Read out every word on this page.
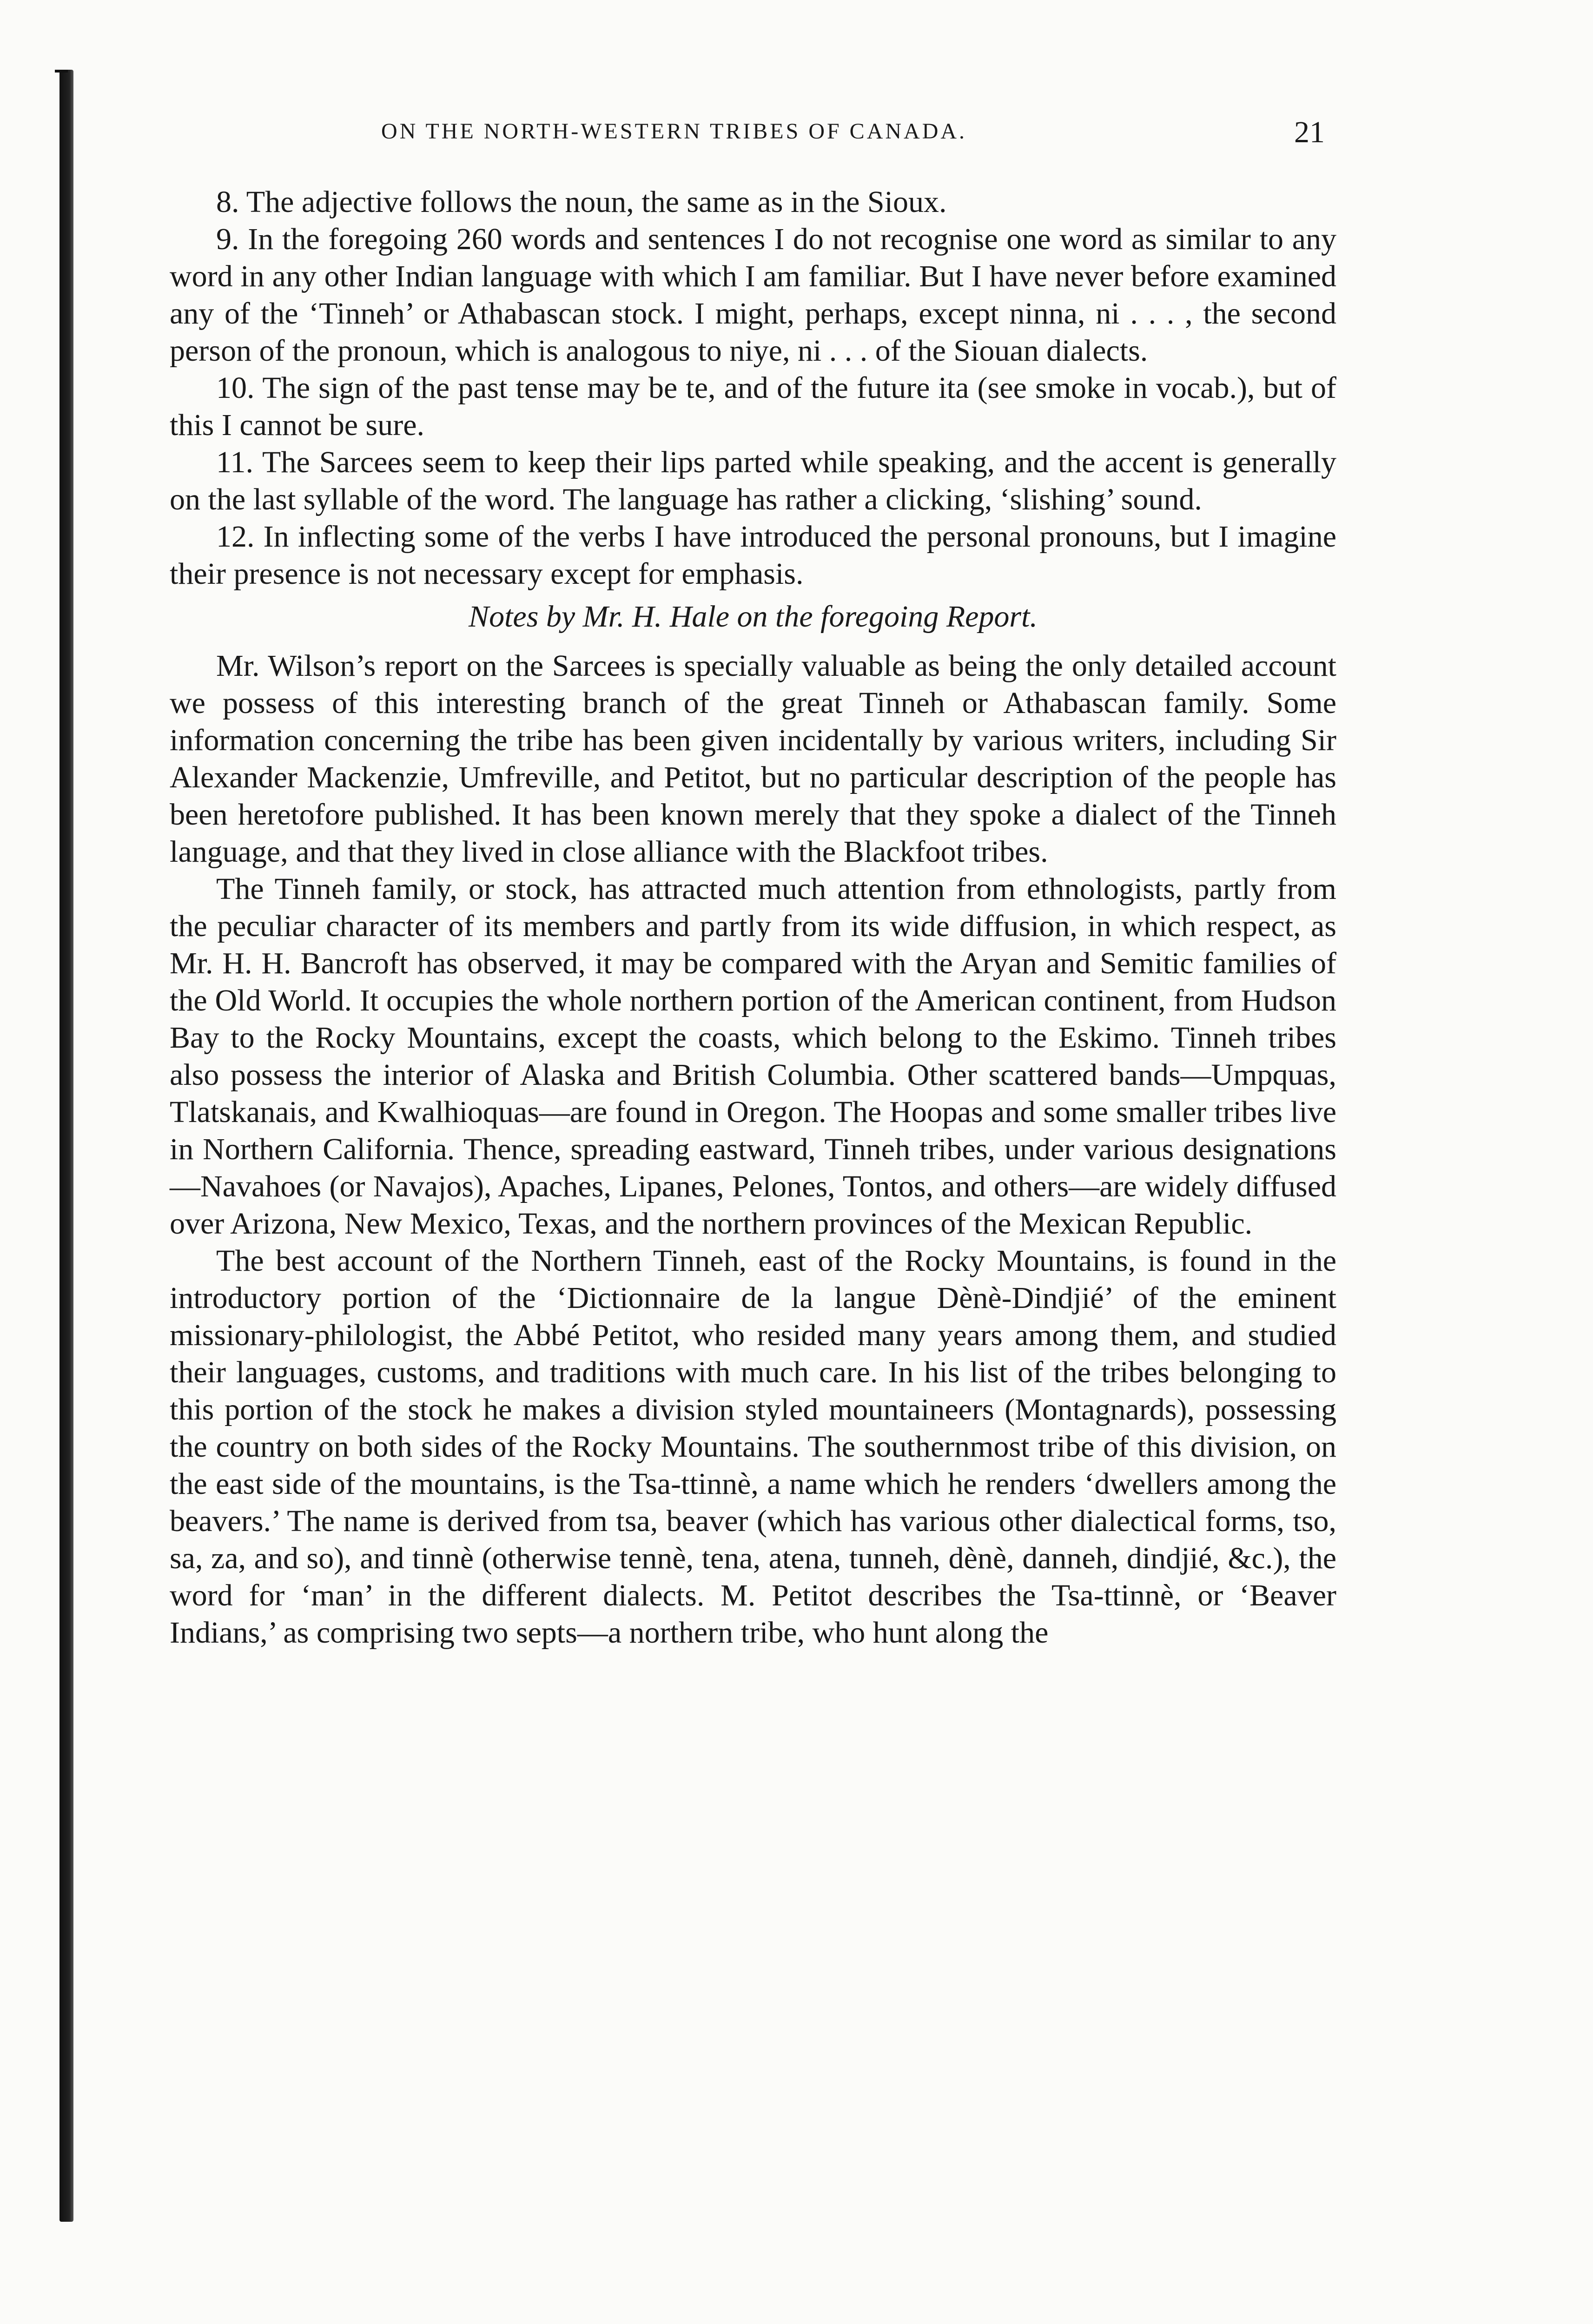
ON THE NORTH-WESTERN TRIBES OF CANADA.	21

8. The adjective follows the noun, the same as in the Sioux.

9. In the foregoing 260 words and sentences I do not recognise one word as similar to any word in any other Indian language with which I am familiar. But I have never before examined any of the ‘Tinneh’ or Athabascan stock. I might, perhaps, except ninna, ni . . . , the second person of the pronoun, which is analogous to niye, ni . . . of the Siouan dialects.

10. The sign of the past tense may be te, and of the future ita (see smoke in vocab.), but of this I cannot be sure.

11. The Sarcees seem to keep their lips parted while speaking, and the accent is generally on the last syllable of the word. The language has rather a clicking, ‘slishing’ sound.

12. In inflecting some of the verbs I have introduced the personal pronouns, but I imagine their presence is not necessary except for emphasis.

Notes by Mr. H. Hale on the foregoing Report.

Mr. Wilson’s report on the Sarcees is specially valuable as being the only detailed account we possess of this interesting branch of the great Tinneh or Athabascan family. Some information concerning the tribe has been given incidentally by various writers, including Sir Alexander Mackenzie, Umfreville, and Petitot, but no particular description of the people has been heretofore published. It has been known merely that they spoke a dialect of the Tinneh language, and that they lived in close alliance with the Blackfoot tribes.

The Tinneh family, or stock, has attracted much attention from ethnologists, partly from the peculiar character of its members and partly from its wide diffusion, in which respect, as Mr. H. H. Bancroft has observed, it may be compared with the Aryan and Semitic families of the Old World. It occupies the whole northern portion of the American continent, from Hudson Bay to the Rocky Mountains, except the coasts, which belong to the Eskimo. Tinneh tribes also possess the interior of Alaska and British Columbia. Other scattered bands—Umpquas, Tlatskanais, and Kwalhioquas—are found in Oregon. The Hoopas and some smaller tribes live in Northern California. Thence, spreading eastward, Tinneh tribes, under various designations—Navahoes (or Navajos), Apaches, Lipanes, Pelones, Tontos, and others—are widely diffused over Arizona, New Mexico, Texas, and the northern provinces of the Mexican Republic.

The best account of the Northern Tinneh, east of the Rocky Mountains, is found in the introductory portion of the ‘Dictionnaire de la langue Dènè-Dindjié’ of the eminent missionary-philologist, the Abbé Petitot, who resided many years among them, and studied their languages, customs, and traditions with much care. In his list of the tribes belonging to this portion of the stock he makes a division styled mountaineers (Montagnards), possessing the country on both sides of the Rocky Mountains. The southernmost tribe of this division, on the east side of the mountains, is the Tsa-ttinnè, a name which he renders ‘dwellers among the beavers.’ The name is derived from tsa, beaver (which has various other dialectical forms, tso, sa, za, and so), and tinnè (otherwise tennè, tena, atena, tunneh, dènè, danneh, dindjié, &c.), the word for ‘man’ in the different dialects. M. Petitot describes the Tsa-ttinnè, or ‘Beaver Indians,’ as comprising two septs—a northern tribe, who hunt along the
